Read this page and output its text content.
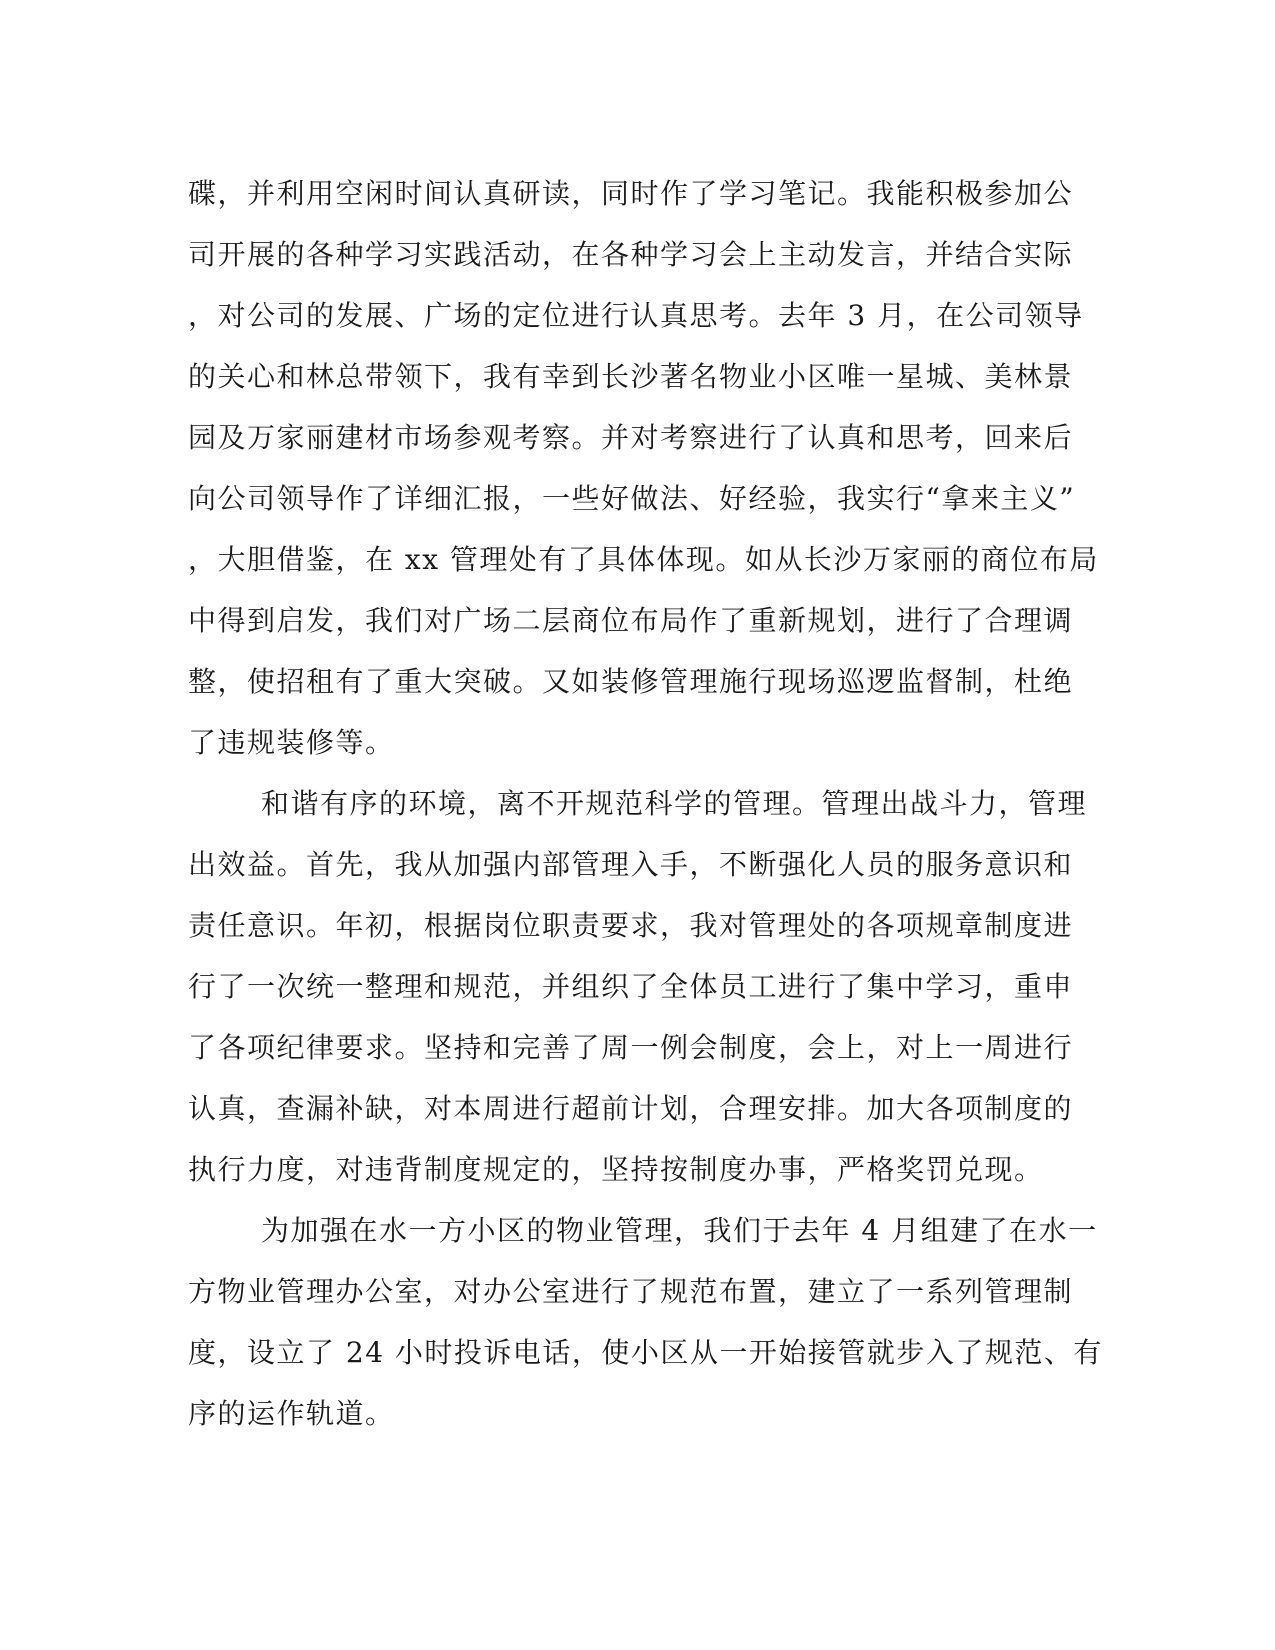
碟，并利用空闲时间认真研读，同时作了学习笔记。我能积极参加公
司开展的各种学习实践活动，在各种学习会上主动发言，并结合实际
，对公司的发展、广场的定位进行认真思考。去年 3 月，在公司领导
的关心和林总带领下，我有幸到长沙著名物业小区唯一星城、美林景
园及万家丽建材市场参观考察。并对考察进行了认真和思考，回来后
向公司领导作了详细汇报，一些好做法、好经验，我实行“拿来主义”
，大胆借鉴，在 xx 管理处有了具体体现。如从长沙万家丽的商位布局
中得到启发，我们对广场二层商位布局作了重新规划，进行了合理调
整，使招租有了重大突破。又如装修管理施行现场巡逻监督制，杜绝
了违规装修等。
和谐有序的环境，离不开规范科学的管理。管理出战斗力，管理
出效益。首先，我从加强内部管理入手，不断强化人员的服务意识和
责任意识。年初，根据岗位职责要求，我对管理处的各项规章制度进
行了一次统一整理和规范，并组织了全体员工进行了集中学习，重申
了各项纪律要求。坚持和完善了周一例会制度，会上，对上一周进行
认真，查漏补缺，对本周进行超前计划，合理安排。加大各项制度的
执行力度，对违背制度规定的，坚持按制度办事，严格奖罚兑现。
为加强在水一方小区的物业管理，我们于去年 4 月组建了在水一
方物业管理办公室，对办公室进行了规范布置，建立了一系列管理制
度，设立了 24 小时投诉电话，使小区从一开始接管就步入了规范、有
序的运作轨道。
